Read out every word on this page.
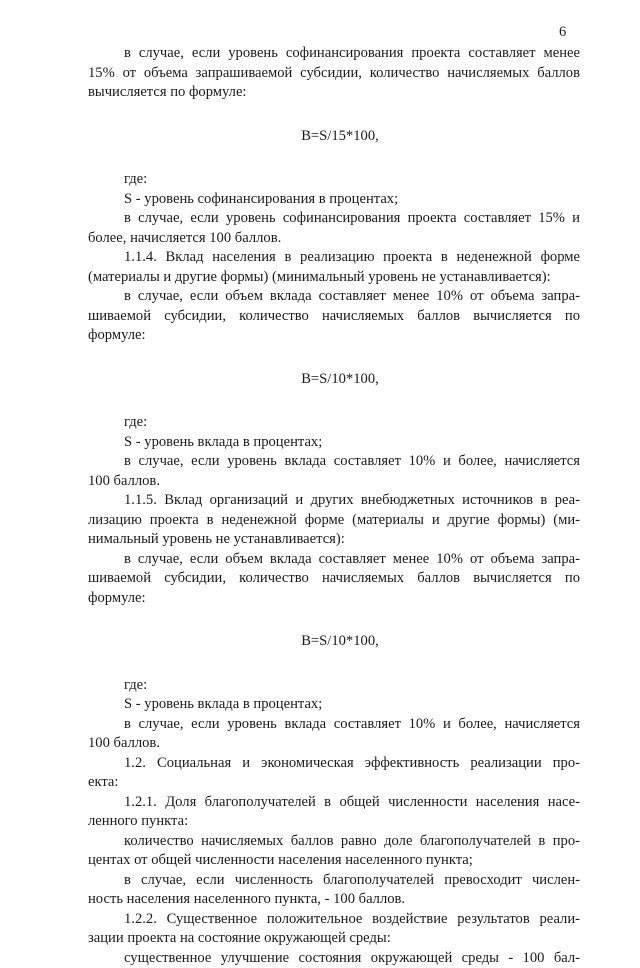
6

в случае, если уровень софинансирования проекта составляет менее

15% от объема запрашиваемой субсидии, количество начисляемых баллов

вычисляется по формуле:

B=S/15*100,

где:

S - уровень софинансирования в процентах;

в случае, если уровень софинансирования проекта составляет 15% и

более, начисляется 100 баллов.

1.1.4. Вклад населения в реализацию проекта в неденежной форме

(материалы и другие формы) (минимальный уровень не устанавливается):

в случае, если объем вклада составляет менее 10% от объема запра-

шиваемой субсидии, количество начисляемых баллов вычисляется по

формуле:

B=S/10*100,

где:

S - уровень вклада в процентах;

в случае, если уровень вклада составляет 10% и более, начисляется

100 баллов.

1.1.5. Вклад организаций и других внебюджетных источников в реа-

лизацию проекта в неденежной форме (материалы и другие формы) (ми-

нимальный уровень не устанавливается):

в случае, если объем вклада составляет менее 10% от объема запра-

шиваемой субсидии, количество начисляемых баллов вычисляется по

формуле:

B=S/10*100,

где:

S - уровень вклада в процентах;

в случае, если уровень вклада составляет 10% и более, начисляется

100 баллов.

1.2. Социальная и экономическая эффективность реализации про-

екта:

1.2.1. Доля благополучателей в общей численности населения насе-

ленного пункта:

количество начисляемых баллов равно доле благополучателей в про-

центах от общей численности населения населенного пункта;

в случае, если численность благополучателей превосходит числен-

ность населения населенного пункта, - 100 баллов.

1.2.2. Существенное положительное воздействие результатов реали-

зации проекта на состояние окружающей среды:

существенное улучшение состояния окружающей среды - 100 бал-
